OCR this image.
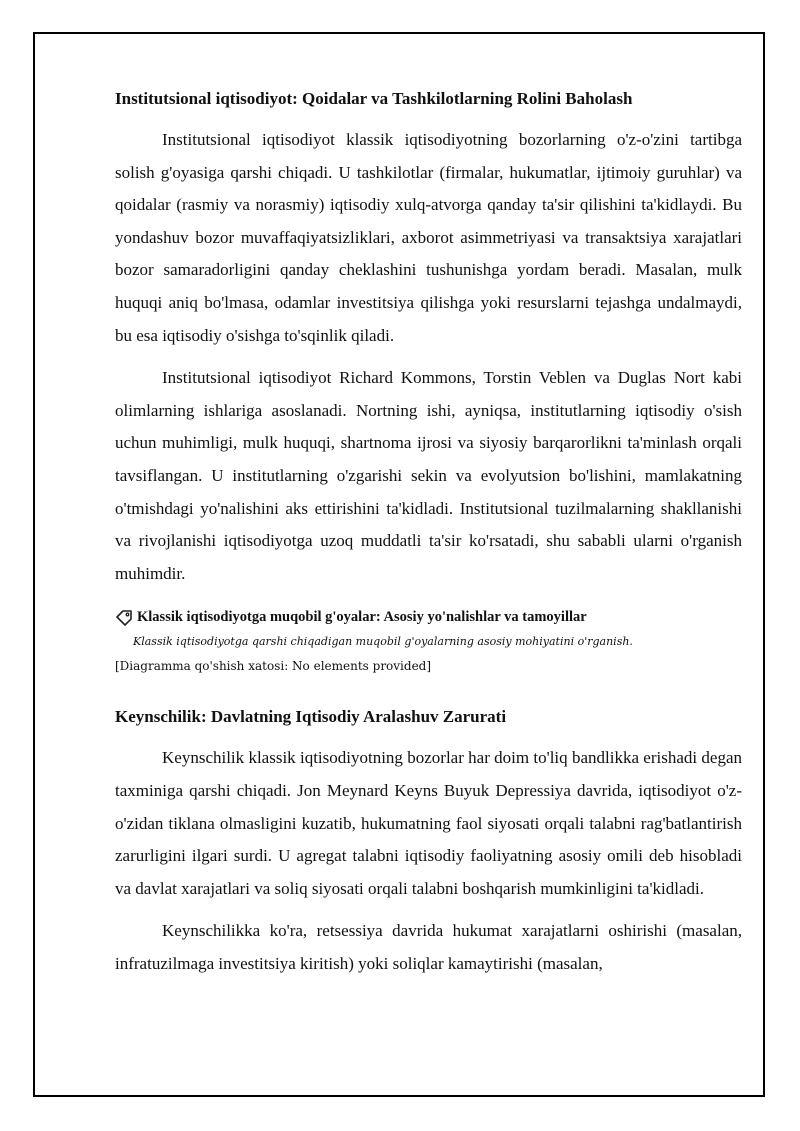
Institutsional iqtisodiyot: Qoidalar va Tashkilotlarning Rolini Baholash

Institutsional iqtisodiyot klassik iqtisodiyotning bozorlarning o'z-o'zini tartibga solish g'oyasiga qarshi chiqadi. U tashkilotlar (firmalar, hukumatlar, ijtimoiy guruhlar) va qoidalar (rasmiy va norasmiy) iqtisodiy xulq-atvorga qanday ta'sir qilishini ta'kidlaydi. Bu yondashuv bozor muvaffaqiyatsizliklari, axborot asimmetriyasi va transaktsiya xarajatlari bozor samaradorligini qanday cheklashini tushunishga yordam beradi. Masalan, mulk huquqi aniq bo'lmasa, odamlar investitsiya qilishga yoki resurslarni tejashga undalmaydi, bu esa iqtisodiy o'sishga to'sqinlik qiladi.

Institutsional iqtisodiyot Richard Kommons, Torstin Veblen va Duglas Nort kabi olimlarning ishlariga asoslanadi. Nortning ishi, ayniqsa, institutlarning iqtisodiy o'sish uchun muhimligi, mulk huquqi, shartnoma ijrosi va siyosiy barqarorlikni ta'minlash orqali tavsiflangan. U institutlarning o'zgarishi sekin va evolyutsion bo'lishini, mamlakatning o'tmishdagi yo'nalishini aks ettirishini ta'kidladi. Institutsional tuzilmalarning shakllanishi va rivojlanishi iqtisodiyotga uzoq muddatli ta'sir ko'rsatadi, shu sababli ularni o'rganish muhimdir.

Klassik iqtisodiyotga muqobil g'oyalar: Asosiy yo'nalishlar va tamoyillar
Klassik iqtisodiyotga qarshi chiqadigan muqobil g'oyalarning asosiy mohiyatini o'rganish.
[Diagramma qo'shish xatosi: No elements provided]
Keynschilik: Davlatning Iqtisodiy Aralashuv Zarurati

Keynschilik klassik iqtisodiyotning bozorlar har doim to'liq bandlikka erishadi degan taxminiga qarshi chiqadi. Jon Meynard Keyns Buyuk Depressiya davrida, iqtisodiyot o'z-o'zidan tiklana olmasligini kuzatib, hukumatning faol siyosati orqali talabni rag'batlantirish zarurligini ilgari surdi. U agregat talabni iqtisodiy faoliyatning asosiy omili deb hisobladi va davlat xarajatlari va soliq siyosati orqali talabni boshqarish mumkinligini ta'kidladi.

Keynschilikka ko'ra, retsessiya davrida hukumat xarajatlarni oshirishi (masalan, infratuzilmaga investitsiya kiritish) yoki soliqlar kamaytirishi (masalan,
